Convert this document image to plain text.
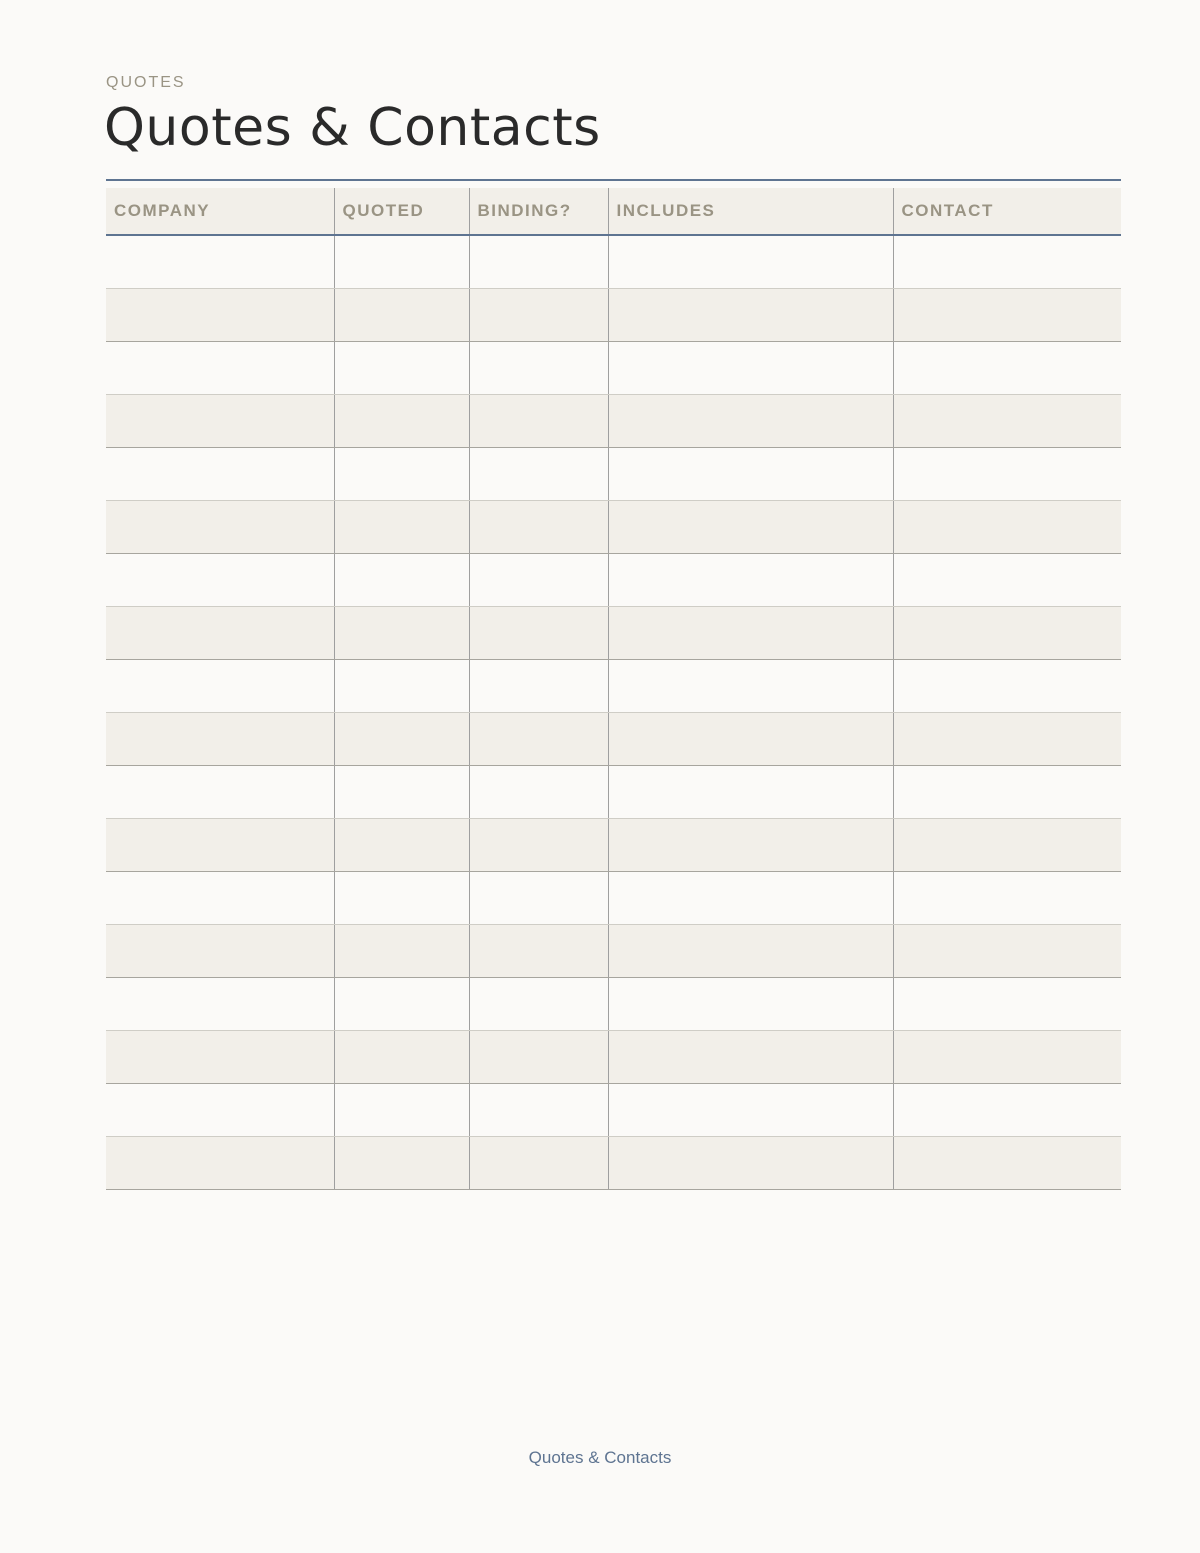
QUOTES
Quotes & Contacts
COMPANY	QUOTED	BINDING?	INCLUDES	CONTACT

Quotes & Contacts
